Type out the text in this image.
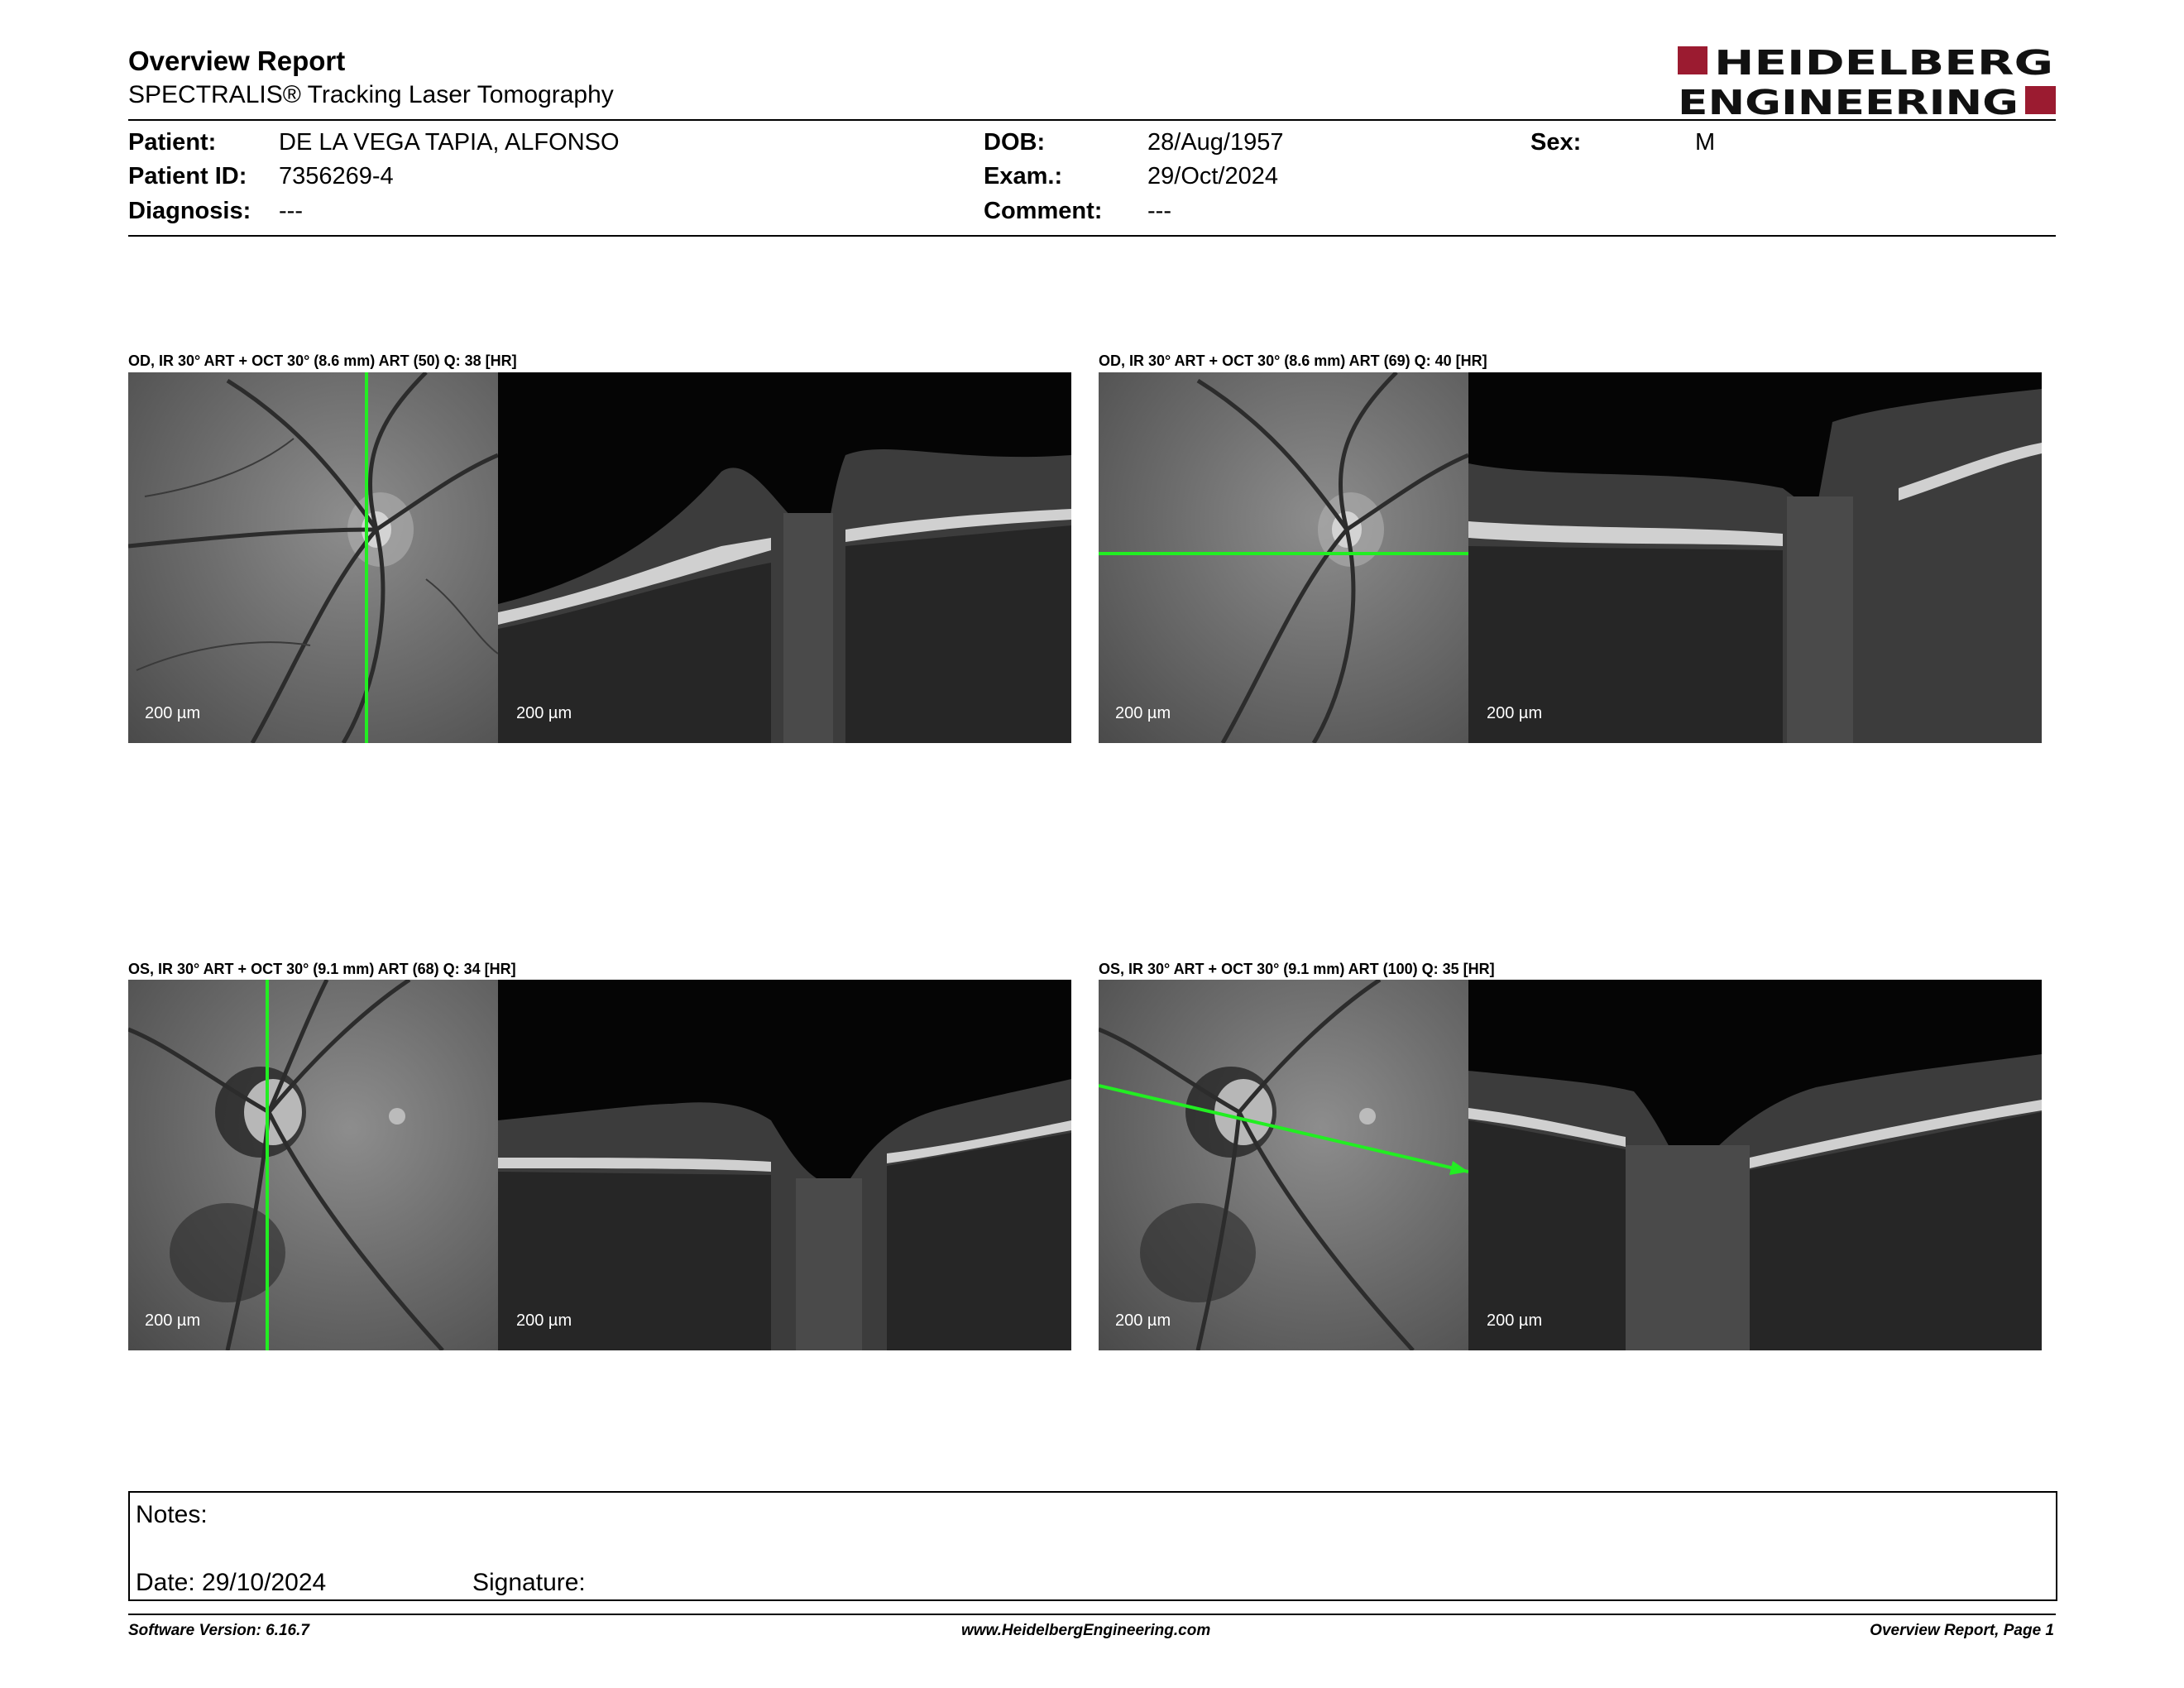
Overview Report
SPECTRALIS® Tracking Laser Tomography
HEIDELBERG
ENGINEERING
Patient:	DE LA VEGA TAPIA, ALFONSO
Patient ID: 7356269-4
Diagnosis: ---
DOB:	28/Aug/1957
Exam.:	29/Oct/2024
Comment: ---
Sex:	M
OD, IR 30° ART + OCT 30° (8.6 mm) ART (50) Q: 38 [HR]
200 µm	200 µm
OD, IR 30° ART + OCT 30° (8.6 mm) ART (69) Q: 40 [HR]
200 µm	200 µm
OS, IR 30° ART + OCT 30° (9.1 mm) ART (68) Q: 34 [HR]
200 µm	200 µm
OS, IR 30° ART + OCT 30° (9.1 mm) ART (100) Q: 35 [HR]
200 µm	200 µm
Notes:
Date: 29/10/2024	Signature:
Software Version: 6.16.7	www.HeidelbergEngineering.com	Overview Report, Page 1
